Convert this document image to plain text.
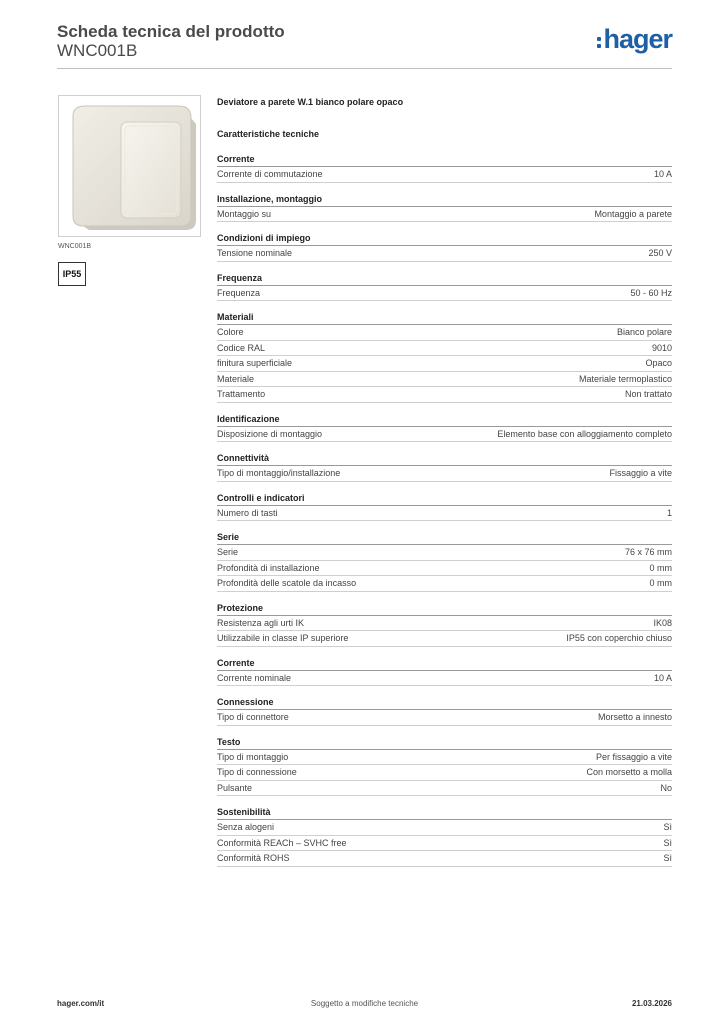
Scheda tecnica del prodotto
WNC001B	hager
WNC001B
IP55
Deviatore a parete W.1 bianco polare opaco
Caratteristiche tecniche
Corrente
Corrente di commutazione	10 A
Installazione, montaggio
Montaggio su	Montaggio a parete
Condizioni di impiego
Tensione nominale	250 V
Frequenza
Frequenza	50 - 60 Hz
Materiali
Colore	Bianco polare
Codice RAL	9010
finitura superficiale	Opaco
Materiale	Materiale termoplastico
Trattamento	Non trattato
Identificazione
Disposizione di montaggio	Elemento base con alloggiamento completo
Connettività
Tipo di montaggio/installazione	Fissaggio a vite
Controlli e indicatori
Numero di tasti	1
Serie
Serie	76 x 76 mm
Profondità di installazione	0 mm
Profondità delle scatole da incasso	0 mm
Protezione
Resistenza agli urti IK	IK08
Utilizzabile in classe IP superiore	IP55 con coperchio chiuso
Corrente
Corrente nominale	10 A
Connessione
Tipo di connettore	Morsetto a innesto
Testo
Tipo di montaggio	Per fissaggio a vite
Tipo di connessione	Con morsetto a molla
Pulsante	No
Sostenibilità
Senza alogeni	Sì
Conformità REACh – SVHC free	Sì
Conformità ROHS	Sì
hager.com/it	Soggetto a modifiche tecniche	21.03.2026
